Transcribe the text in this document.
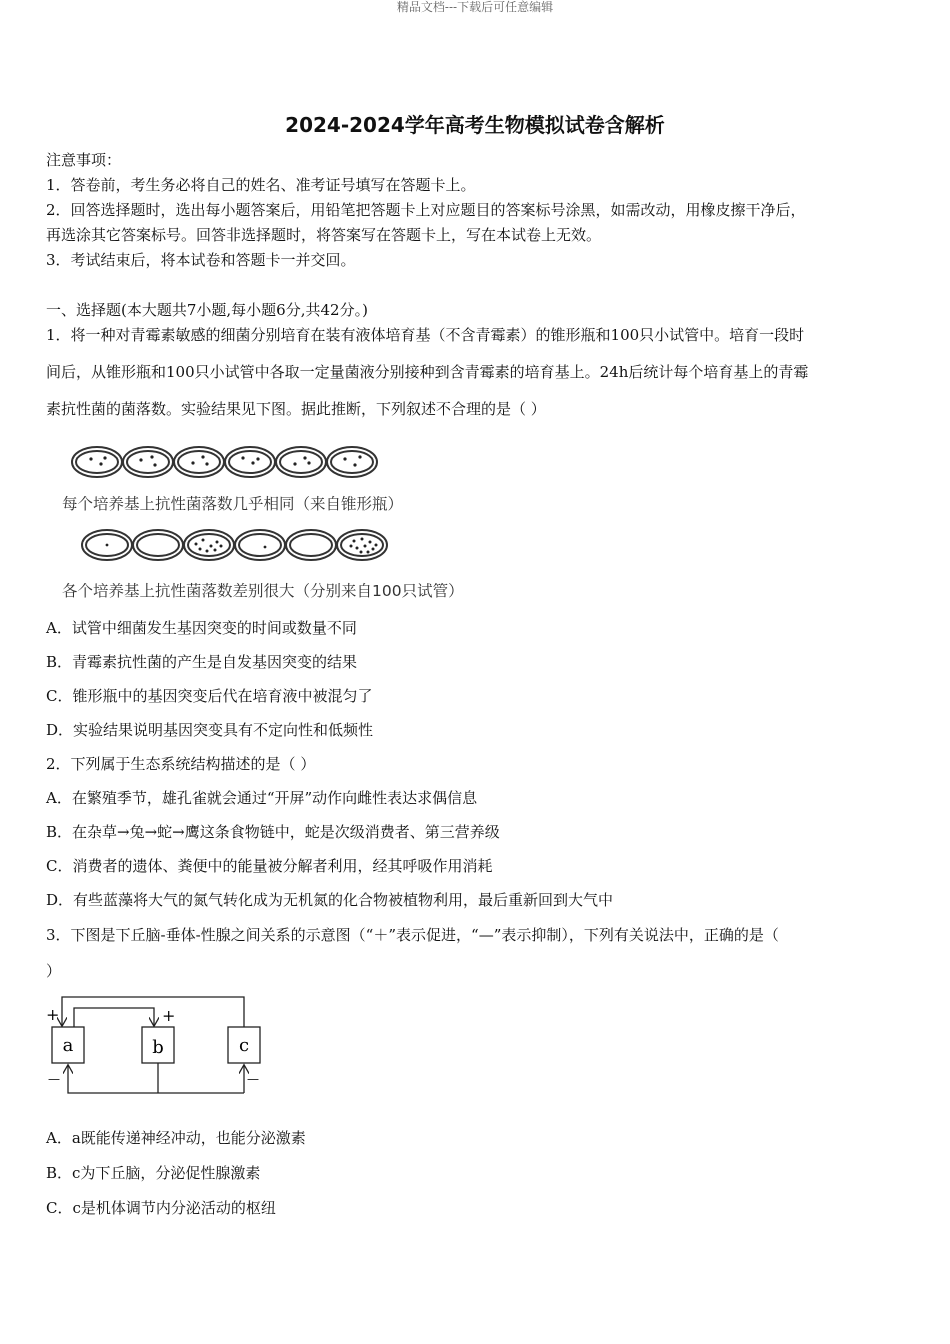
精品文档---下载后可任意编辑
2024-2024学年高考生物模拟试卷含解析
注意事项：
1．答卷前，考生务必将自己的姓名、准考证号填写在答题卡上。
2．回答选择题时，选出每小题答案后，用铅笔把答题卡上对应题目的答案标号涂黑，如需改动，用橡皮擦干净后，
再选涂其它答案标号。回答非选择题时，将答案写在答题卡上，写在本试卷上无效。
3．考试结束后，将本试卷和答题卡一并交回。
一、选择题(本大题共7小题,每小题6分,共42分。)
1．将一种对青霉素敏感的细菌分别培育在装有液体培育基（不含青霉素）的锥形瓶和100只小试管中。培育一段时
间后，从锥形瓶和100只小试管中各取一定量菌液分别接种到含青霉素的培育基上。24h后统计每个培育基上的青霉
素抗性菌的菌落数。实验结果见下图。据此推断，下列叙述不合理的是（ ）
每个培养基上抗性菌落数几乎相同（来自锥形瓶）
各个培养基上抗性菌落数差别很大（分别来自100只试管）
A．试管中细菌发生基因突变的时间或数量不同
B．青霉素抗性菌的产生是自发基因突变的结果
C．锥形瓶中的基因突变后代在培育液中被混匀了
D．实验结果说明基因突变具有不定向性和低频性
2．下列属于生态系统结构描述的是（ ）
A．在繁殖季节，雄孔雀就会通过“开屏”动作向雌性表达求偶信息
B．在杂草→兔→蛇→鹰这条食物链中，蛇是次级消费者、第三营养级
C．消费者的遗体、粪便中的能量被分解者利用，经其呼吸作用消耗
D．有些蓝藻将大气的氮气转化成为无机氮的化合物被植物利用，最后重新回到大气中
3．下图是下丘脑-垂体-性腺之间关系的示意图（“＋”表示促进，“—”表示抑制），下列有关说法中，正确的是（
）
a	b	c
+	+
—	—
A．a既能传递神经冲动，也能分泌激素
B．c为下丘脑，分泌促性腺激素
C．c是机体调节内分泌活动的枢纽
